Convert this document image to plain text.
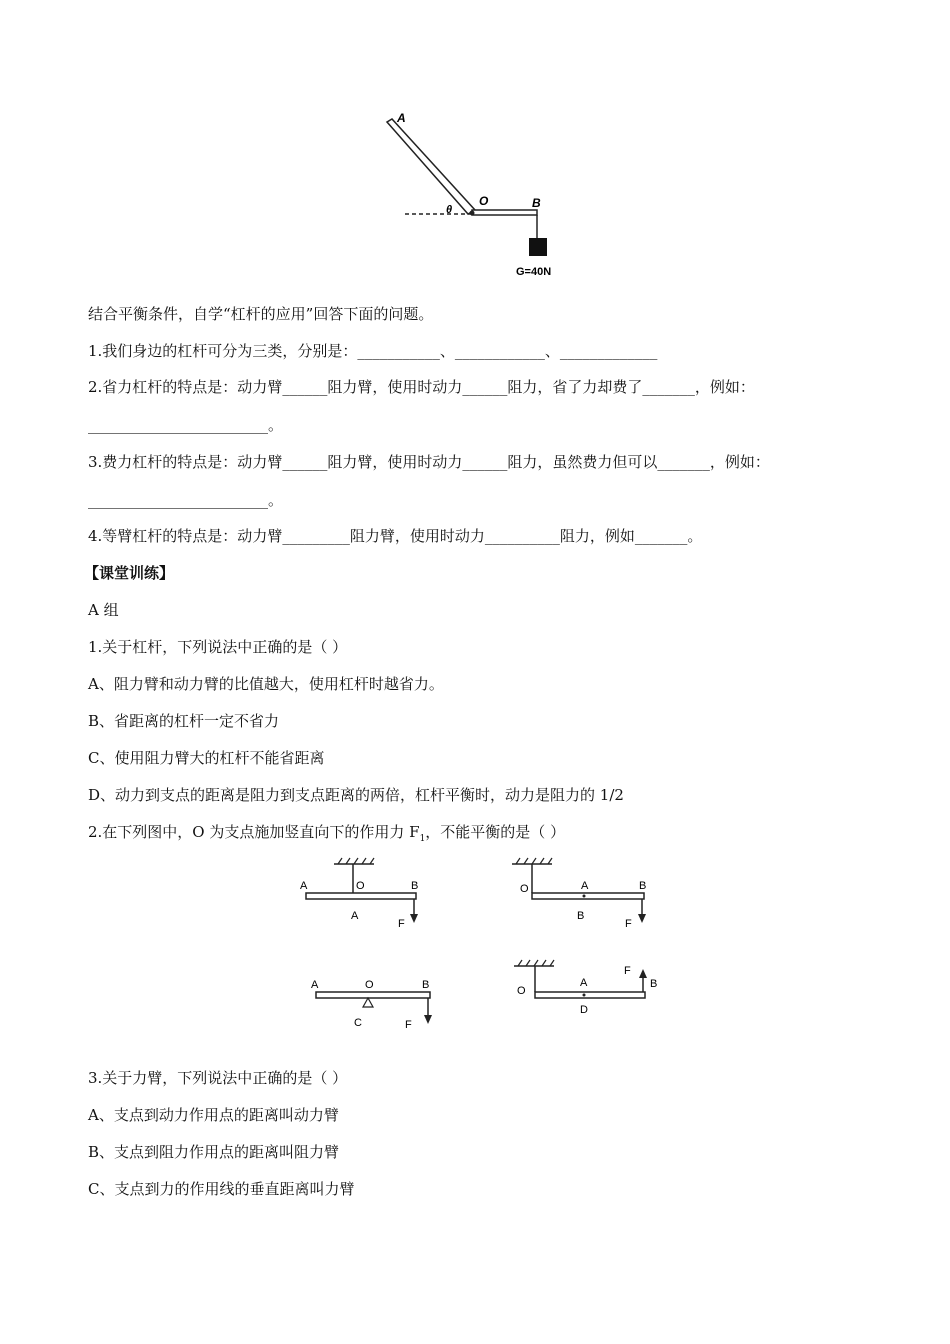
A
O	B
θ
G=40N
结合平衡条件，自学“杠杆的应用”回答下面的问题。
1.我们身边的杠杆可分为三类，分别是：___________、____________、_____________
2.省力杠杆的特点是：动力臂______阻力臂，使用时动力______阻力，省了力却费了_______，例如：
________________________。
3.费力杠杆的特点是：动力臂______阻力臂，使用时动力______阻力，虽然费力但可以_______，例如：
________________________。
4.等臂杠杆的特点是：动力臂_________阻力臂，使用时动力__________阻力，例如_______。
【课堂训练】
A 组
1.关于杠杆，下列说法中正确的是（ ）
A、阻力臂和动力臂的比值越大，使用杠杆时越省力。
B、省距离的杠杆一定不省力
C、使用阻力臂大的杠杆不能省距离
D、动力到支点的距离是阻力到支点距离的两倍，杠杆平衡时，动力是阻力的 1/2
2.在下列图中，O 为支点施加竖直向下的作用力 $F_1$，不能平衡的是（ ）
A	O	B
A
F
O	A	B
B
F
A	O	B
C	F
O
A
F
B
D
3.关于力臂，下列说法中正确的是（ ）
A、支点到动力作用点的距离叫动力臂
B、支点到阻力作用点的距离叫阻力臂
C、支点到力的作用线的垂直距离叫力臂
